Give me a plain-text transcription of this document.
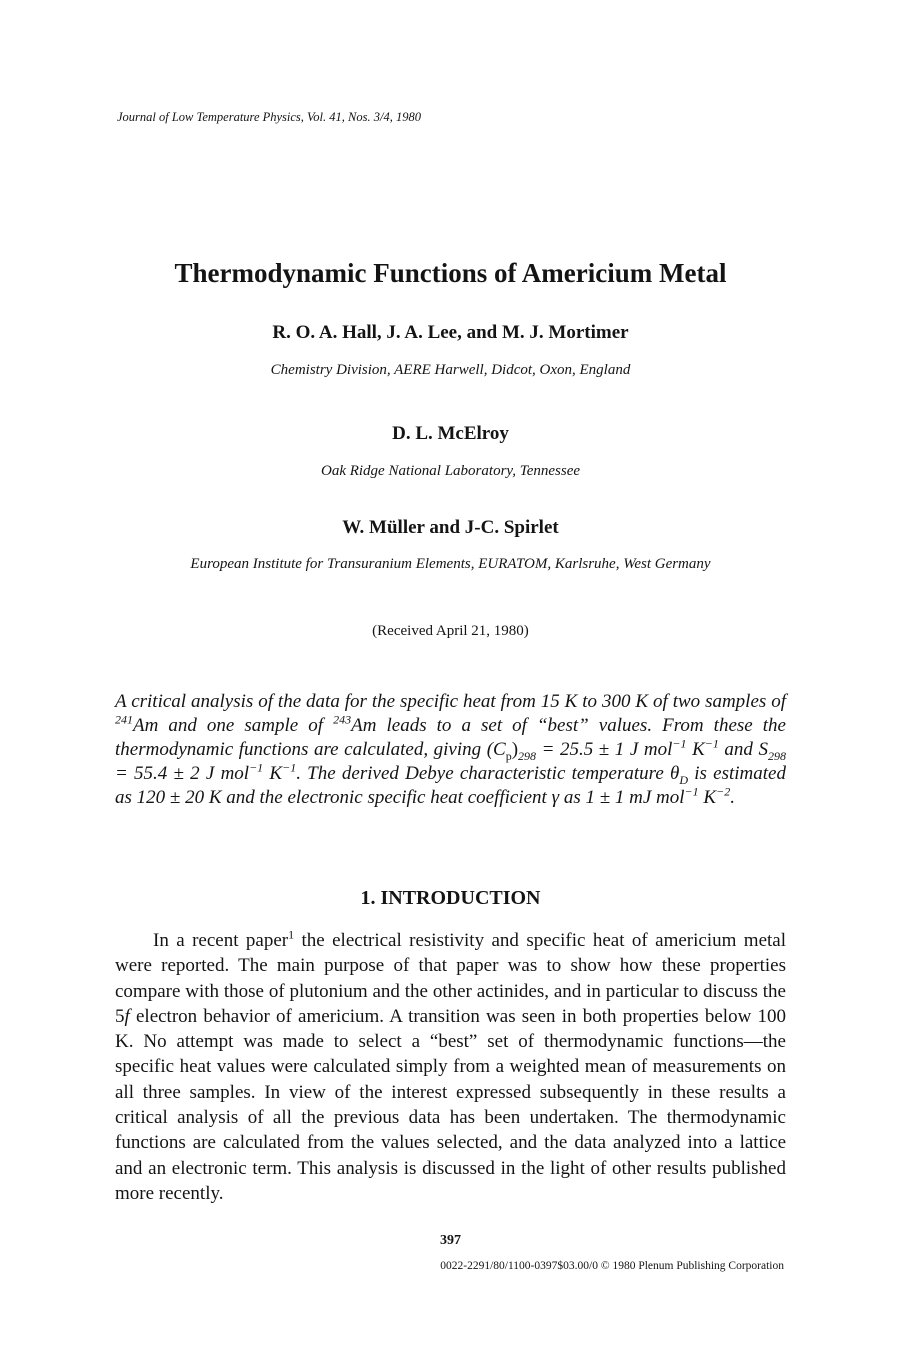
Journal of Low Temperature Physics, Vol. 41, Nos. 3/4, 1980
Thermodynamic Functions of Americium Metal
R. O. A. Hall, J. A. Lee, and M. J. Mortimer
Chemistry Division, AERE Harwell, Didcot, Oxon, England
D. L. McElroy
Oak Ridge National Laboratory, Tennessee
W. Müller and J-C. Spirlet
European Institute for Transuranium Elements, EURATOM, Karlsruhe, West Germany
(Received April 21, 1980)

A critical analysis of the data for the specific heat from 15 K to 300 K of two samples of $^{241}$Am and one sample of $^{243}$Am leads to a set of “best” values. From these the thermodynamic functions are calculated, giving $(C_p)_{298} = 25.5 \pm 1$ J mol$^{-1}$ $K^{-1}$ and $S_{298} = 55.4 \pm 2$ J mol$^{-1}$ $K^{-1}$. The derived Debye characteristic temperature $\theta_D$ is estimated as 120 ± 20 K and the electronic specific heat coefficient γ as 1 ± 1 mJ mol$^{-1}$ $K^{-2}$.

1. INTRODUCTION

In a recent paper$^1$ the electrical resistivity and specific heat of americium metal were reported. The main purpose of that paper was to show how these properties compare with those of plutonium and the other actinides, and in particular to discuss the 5f electron behavior of americium. A transition was seen in both properties below 100 K. No attempt was made to select a “best” set of thermodynamic functions—the specific heat values were calculated simply from a weighted mean of measurements on all three samples. In view of the interest expressed subsequently in these results a critical analysis of all the previous data has been undertaken. The thermodynamic functions are calculated from the values selected, and the data analyzed into a lattice and an electronic term. This analysis is discussed in the light of other results published more recently.

397
0022-2291/80/1100-0397$03.00/0 © 1980 Plenum Publishing Corporation
